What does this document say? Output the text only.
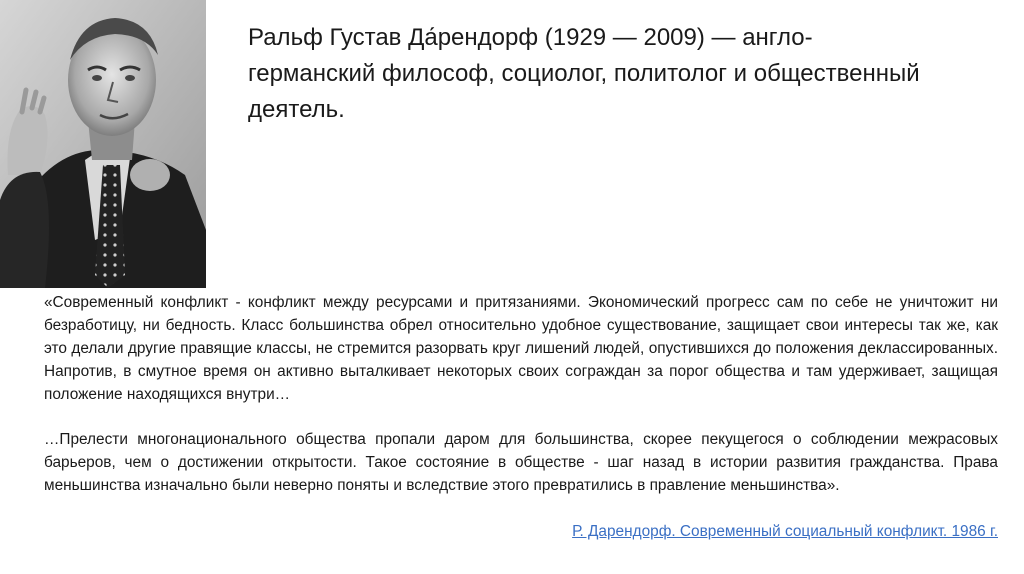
Ральф Густав Да́рендорф (1929 — 2009) — англо-германский философ, социолог, политолог и общественный деятель.

«Современный конфликт - конфликт между ресурсами и притязаниями. Экономический прогресс сам по себе не уничтожит ни безработицу, ни бедность. Класс большинства обрел относительно удобное существование, защищает свои интересы так же, как это делали другие правящие классы, не стремится разорвать круг лишений людей, опустившихся до положения деклассированных. Напротив, в смутное время он активно выталкивает некоторых своих сограждан за порог общества и там удерживает, защищая положение находящихся внутри…

…Прелести многонационального общества пропали даром для большинства, скорее пекущегося о соблюдении межрасовых барьеров, чем о достижении открытости. Такое состояние в обществе - шаг назад в истории развития гражданства. Права меньшинства изначально были неверно поняты и вследствие этого превратились в правление меньшинства».

Р. Дарендорф. Современный социальный конфликт. 1986 г.
